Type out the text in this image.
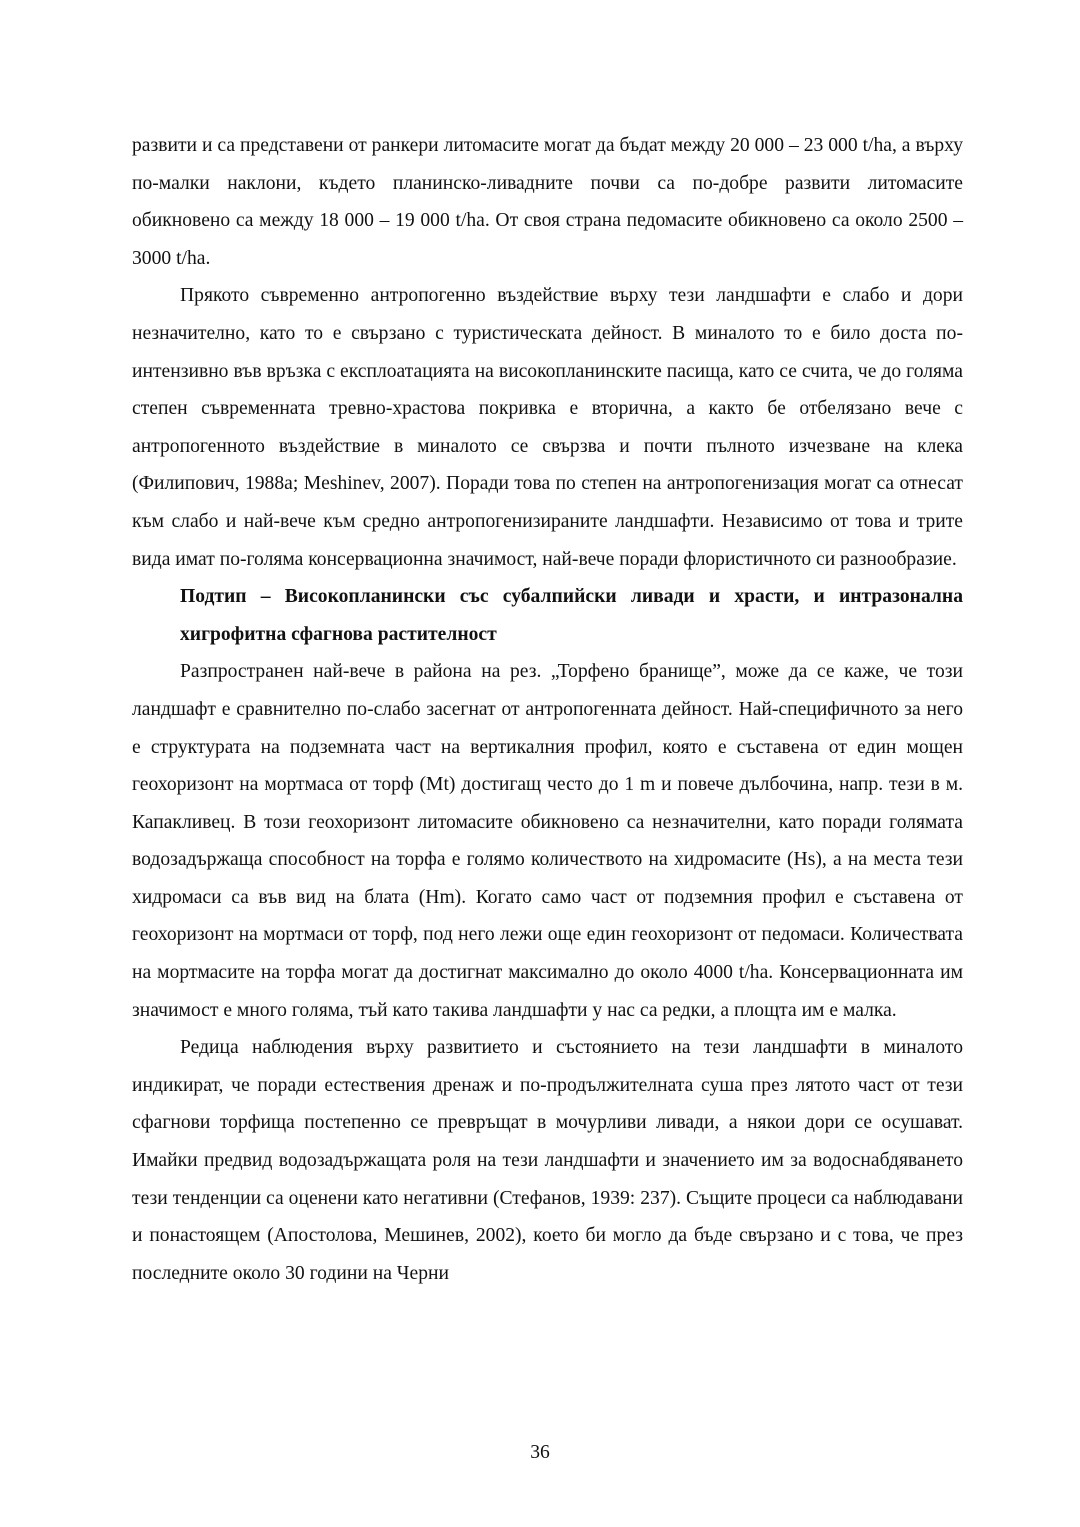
развити и са представени от ранкери литомасите могат да бъдат между 20 000 – 23 000 t/ha, а върху по-малки наклони, където планинско-ливадните почви са по-добре развити литомасите обикновено са между 18 000 – 19 000 t/ha. От своя страна педомасите обикновено са около 2500 – 3000 t/ha.

Прякото съвременно антропогенно въздействие върху тези ландшафти е слабо и дори незначително, като то е свързано с туристическата дейност. В миналото то е било доста по-интензивно във връзка с експлоатацията на високопланинските пасища, като се счита, че до голяма степен съвременната тревно-храстова покривка е вторична, а както бе отбелязано вече с антропогенното въздействие в миналото се свързва и почти пълното изчезване на клека (Филипович, 1988а; Meshinev, 2007). Поради това по степен на антропогенизация могат са отнесат към слабо и най-вече към средно антропогенизираните ландшафти. Независимо от това и трите вида имат по-голяма консервационна значимост, най-вече поради флористичното си разнообразие.

Подтип – Високопланински със субалпийски ливади и храсти, и интразонална хигрофитна сфагнова растителност

Разпространен най-вече в района на рез. „Торфено бранище”, може да се каже, че този ландшафт е сравнително по-слабо засегнат от антропогенната дейност. Най-специфичното за него е структурата на подземната част на вертикалния профил, която е съставена от един мощен геохоризонт на мортмаса от торф (Mt) достигащ често до 1 m и повече дълбочина, напр. тези в м. Капакливец. В този геохоризонт литомасите обикновено са незначителни, като поради голямата водозадържаща способност на торфа е голямо количеството на хидромасите (Hs), а на места тези хидромаси са във вид на блата (Hm). Когато само част от подземния профил е съставена от геохоризонт на мортмаси от торф, под него лежи още един геохоризонт от педомаси. Количествата на мортмасите на торфа могат да достигнат максимално до около 4000 t/ha. Консервационната им значимост е много голяма, тъй като такива ландшафти у нас са редки, а площта им е малка.

Редица наблюдения върху развитието и състоянието на тези ландшафти в миналото индикират, че поради естествения дренаж и по-продължителната суша през лятото част от тези сфагнови торфища постепенно се превръщат в мочурливи ливади, а някои дори се осушават. Имайки предвид водозадържащата роля на тези ландшафти и значението им за водоснабдяването тези тенденции са оценени като негативни (Стефанов, 1939: 237). Същите процеси са наблюдавани и понастоящем (Апостолова, Мешинев, 2002), което би могло да бъде свързано и с това, че през последните около 30 години на Черни

36
